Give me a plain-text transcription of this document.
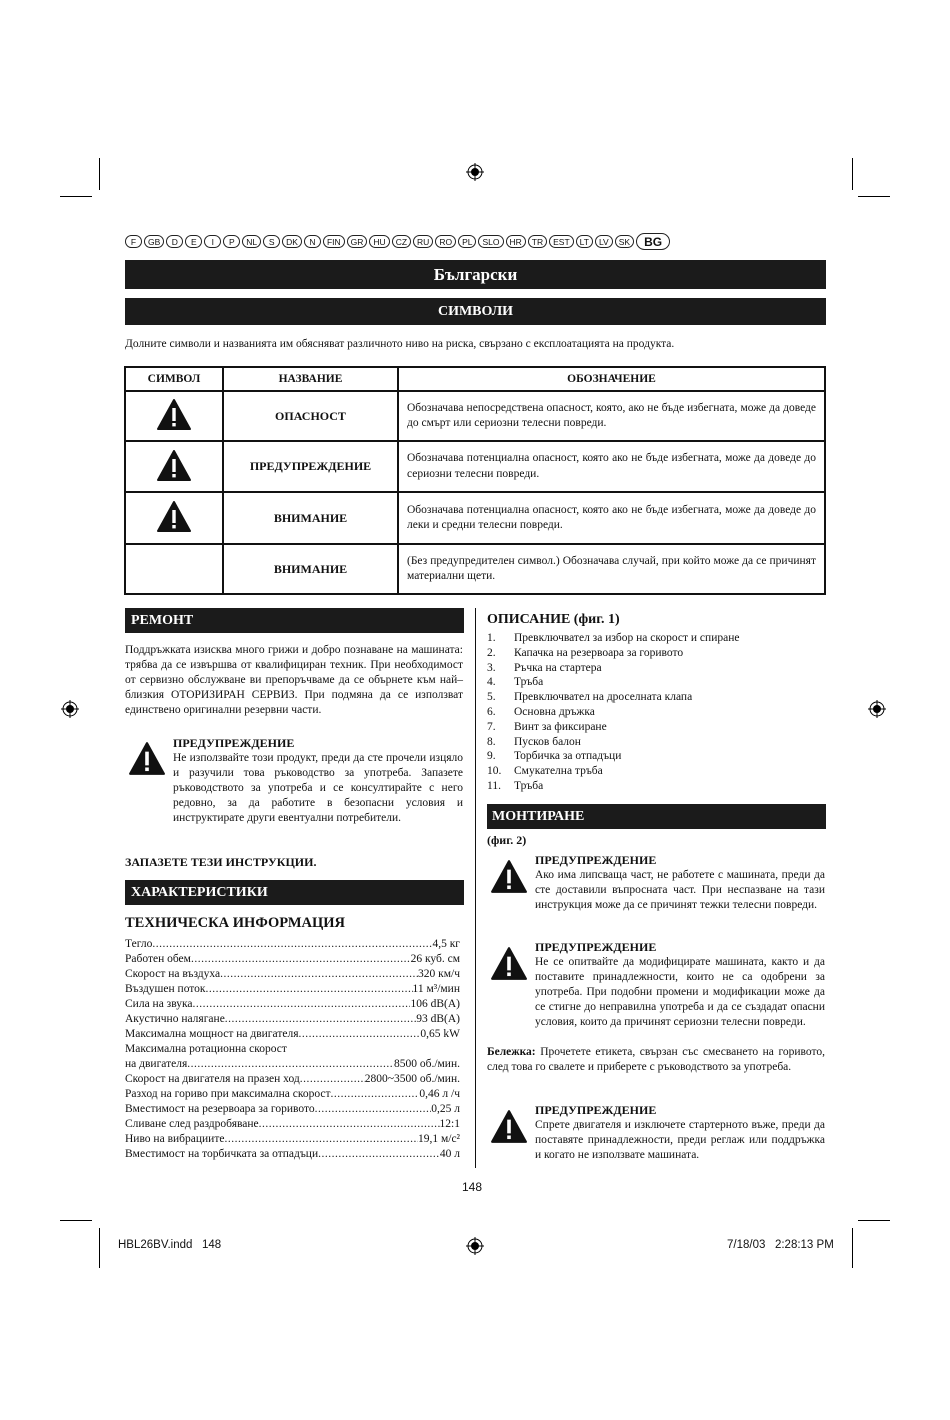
F	GB	D	E	I	P	NL	S	DK	N	FIN	GR	HU	CZ	RU	RO	PL	SLO	HR	TR	EST	LT	LV	SK	BG
Български
СИМВОЛИ
Долните символи и названията им обясняват различното ниво на риска, свързано с експлоатацията на продукта.
СИМВОЛ	НАЗВАНИЕ	ОБОЗНАЧЕНИЕ
	ОПАСНОСТ	Обозначава непосредствена опасност, която, ако не бъде избегната, може да доведе до смърт или сериозни телесни повреди.
	ПРЕДУПРЕЖДЕНИЕ	Обозначава потенциална опасност, която ако не бъде избегната, може да доведе до сериозни телесни повреди.
	ВНИМАНИЕ	Обозначава потенциална опасност, която ако не бъде избегната, може да доведе до леки и средни телесни повреди.
	ВНИМАНИЕ	(Без предупредителен символ.) Обозначава случай, при който може да се причинят материални щети.
РЕМОНТ
Поддръжката изисква много грижи и добро познаване на машината: трябва да се извършва от квалифициран техник. При необходимост от сервизно обслужване ви препоръчваме да се обърнете към най–близкия ОТОРИЗИРАН СЕРВИЗ. При подмяна да се използват единствено оригинални резервни части.
ПРЕДУПРЕЖДЕНИЕ
Не използвайте този продукт, преди да сте прочели изцяло и разучили това ръководство за употреба. Запазете ръководството за употреба и се консултирайте с него редовно, за да работите в безопасни условия и инструктирате други евентуални потребители.
ЗАПАЗЕТЕ ТЕЗИ ИНСТРУКЦИИ.
ХАРАКТЕРИСТИКИ
ТЕХНИЧЕСКА ИНФОРМАЦИЯ
Тегло .....	4,5 кг
Работен обем .....	26 куб. см
Скорост на въздуха .....	320 км/ч
Въздушен поток .....	11 м³/мин
Сила на звука .....	106 dB(A)
Акустично налягане .....	93 dB(A)
Максимална мощност на двигателя .....	0,65 kW
Максимална ротационна скорост
на двигателя .....	8500 об./мин.
Скорост на двигателя на празен ход .....	2800~3500 об./мин.
Разход на гориво при максимална скорост .....	0,46 л /ч
Вместимост на резервоара за горивото .....	0,25 л
Сливане след раздробяване .....	12:1
Ниво на вибрациите .....	19,1 м/с²
Вместимост на торбичката за отпадъци .....	40 л
ОПИСАНИЕ (фиг. 1)
1.	Превключвател за избор на скорост и спиране
2.	Капачка на резервоара за горивото
3.	Ръчка на стартера
4.	Тръба
5.	Превключвател на дроселната клапа
6.	Основна дръжка
7.	Винт за фиксиране
8.	Пусков балон
9.	Торбичка за отпадъци
10.	Смукателна тръба
11.	Тръба
МОНТИРАНЕ
(фиг. 2)
ПРЕДУПРЕЖДЕНИЕ
Ако има липсваща част, не работете с машината, преди да сте доставили въпросната част. При неспазване на тази инструкция може да се причинят тежки телесни повреди.
ПРЕДУПРЕЖДЕНИЕ
Не се опитвайте да модифицирате машината, както и да поставите принадлежности, които не са одобрени за употреба. При подобни промени и модификации може да се стигне до неправилна употреба и да се създадат опасни условия, които да причинят сериозни телесни повреди.
Бележка: Прочетете етикета, свързан със смесването на горивото, след това го свалете и приберете с ръководството за употреба.
ПРЕДУПРЕЖДЕНИЕ
Спрете двигателя и изключете стартерното въже, преди да поставяте принадлежности, преди реглаж или поддръжка и когато не използвате машината.
148
HBL26BV.indd   148	7/18/03   2:28:13 PM
